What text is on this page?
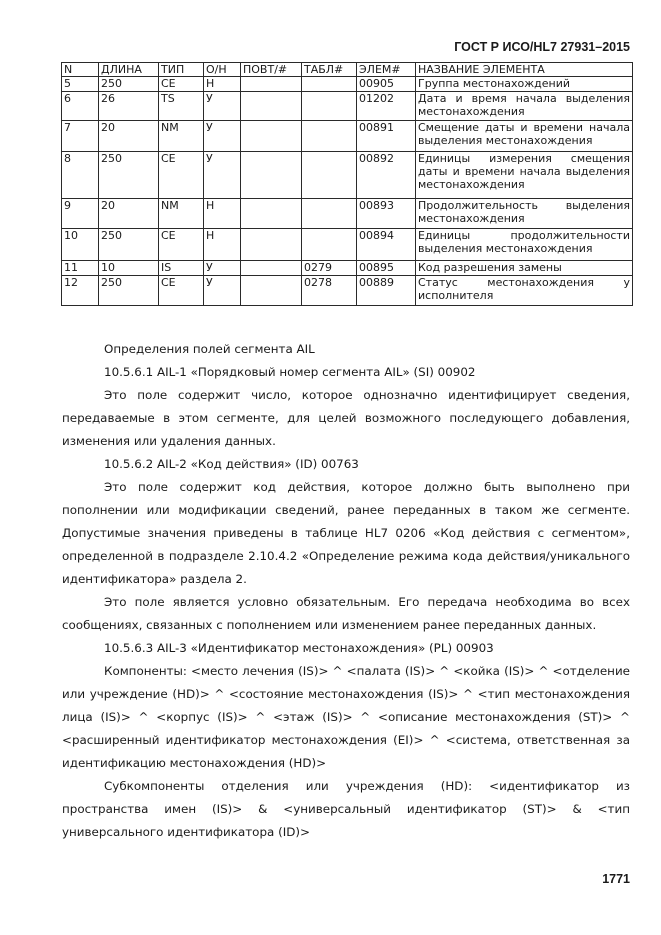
ГОСТ Р ИСО/HL7 27931–2015
N	ДЛИНА	ТИП	О/Н	ПОВТ/#	ТАБЛ#	ЭЛЕМ#	НАЗВАНИЕ ЭЛЕМЕНТА
5	250	CE	Н			00905	Группа местонахождений
6	26	TS	У			01202	Дата и время начала выделения местонахождения
7	20	NM	У			00891	Смещение даты и времени начала выделения местонахождения
8	250	CE	У			00892	Единицы измерения смещения даты и времени начала выделения местонахождения
9	20	NM	Н			00893	Продолжительность выделения местонахождения
10	250	CE	Н			00894	Единицы продолжительности выделения местонахождения
11	10	IS	У		0279	00895	Код разрешения замены
12	250	CE	У		0278	00889	Статус местонахождения у исполнителя

Определения полей сегмента AIL

10.5.6.1 AIL-1 «Порядковый номер сегмента AIL» (SI) 00902

Это поле содержит число, которое однозначно идентифицирует сведения, передаваемые в этом сегменте, для целей возможного последующего добавления, изменения или удаления данных.

10.5.6.2 AIL-2 «Код действия» (ID) 00763

Это поле содержит код действия, которое должно быть выполнено при пополнении или модификации сведений, ранее переданных в таком же сегменте. Допустимые значения приведены в таблице HL7 0206 «Код действия с сегментом», определенной в подразделе 2.10.4.2 «Определение режима кода действия/уникального идентификатора» раздела 2.

Это поле является условно обязательным. Его передача необходима во всех сообщениях, связанных с пополнением или изменением ранее переданных данных.

10.5.6.3 AIL-3 «Идентификатор местонахождения» (PL) 00903

Компоненты: <место лечения (IS)> ^ <палата (IS)> ^ <койка (IS)> ^ <отделение или учреждение (HD)> ^ <состояние местонахождения (IS)> ^ <тип местонахождения лица (IS)> ^ <корпус (IS)> ^ <этаж (IS)> ^ <описание местонахождения (ST)> ^ <расширенный идентификатор местонахождения (EI)> ^ <система, ответственная за идентификацию местонахождения (HD)>

Субкомпоненты отделения или учреждения (HD): <идентификатор из пространства имен (IS)> & <универсальный идентификатор (ST)> & <тип универсального идентификатора (ID)>

1771
